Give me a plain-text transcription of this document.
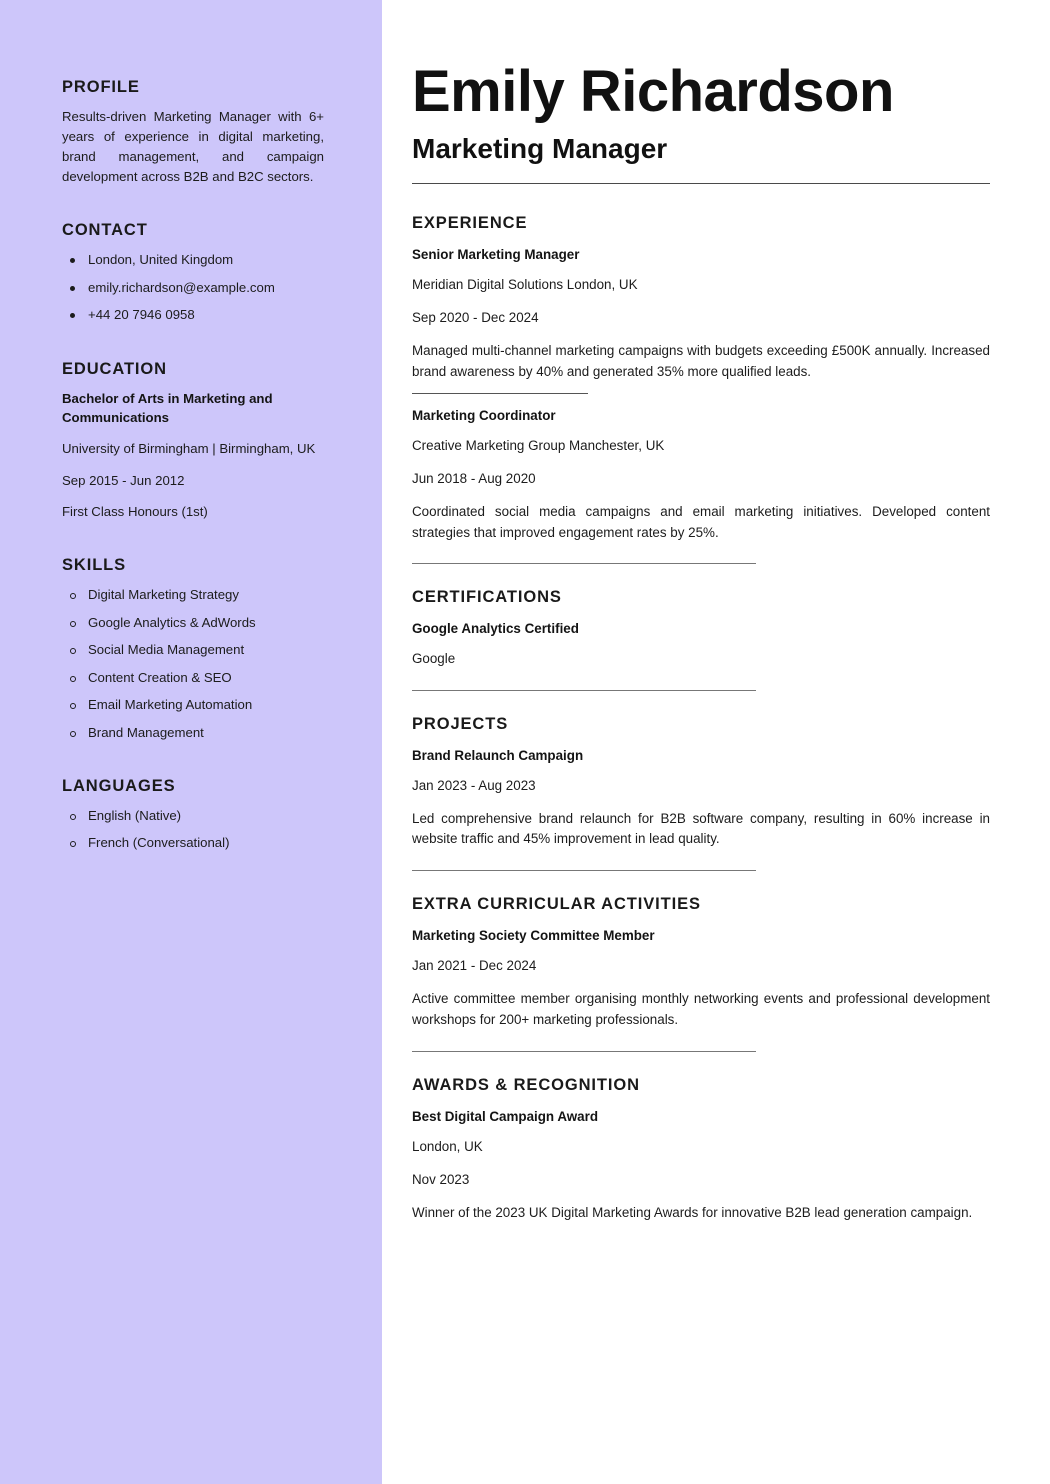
PROFILE

Results-driven Marketing Manager with 6+ years of experience in digital marketing, brand management, and campaign development across B2B and B2C sectors.

CONTACT
London, United Kingdom
emily.richardson@example.com
+44 20 7946 0958
EDUCATION

Bachelor of Arts in Marketing and Communications

University of Birmingham | Birmingham, UK

Sep 2015 - Jun 2012

First Class Honours (1st)

SKILLS
Digital Marketing Strategy
Google Analytics & AdWords
Social Media Management
Content Creation & SEO
Email Marketing Automation
Brand Management
LANGUAGES
English (Native)
French (Conversational)
Emily Richardson
Marketing Manager
EXPERIENCE

Senior Marketing Manager

Meridian Digital Solutions London, UK

Sep 2020 - Dec 2024

Managed multi-channel marketing campaigns with budgets exceeding £500K annually. Increased brand awareness by 40% and generated 35% more qualified leads.

Marketing Coordinator

Creative Marketing Group Manchester, UK

Jun 2018 - Aug 2020

Coordinated social media campaigns and email marketing initiatives. Developed content strategies that improved engagement rates by 25%.

CERTIFICATIONS

Google Analytics Certified

Google

PROJECTS

Brand Relaunch Campaign

Jan 2023 - Aug 2023

Led comprehensive brand relaunch for B2B software company, resulting in 60% increase in website traffic and 45% improvement in lead quality.

EXTRA CURRICULAR ACTIVITIES

Marketing Society Committee Member

Jan 2021 - Dec 2024

Active committee member organising monthly networking events and professional development workshops for 200+ marketing professionals.

AWARDS & RECOGNITION

Best Digital Campaign Award

London, UK

Nov 2023

Winner of the 2023 UK Digital Marketing Awards for innovative B2B lead generation campaign.
